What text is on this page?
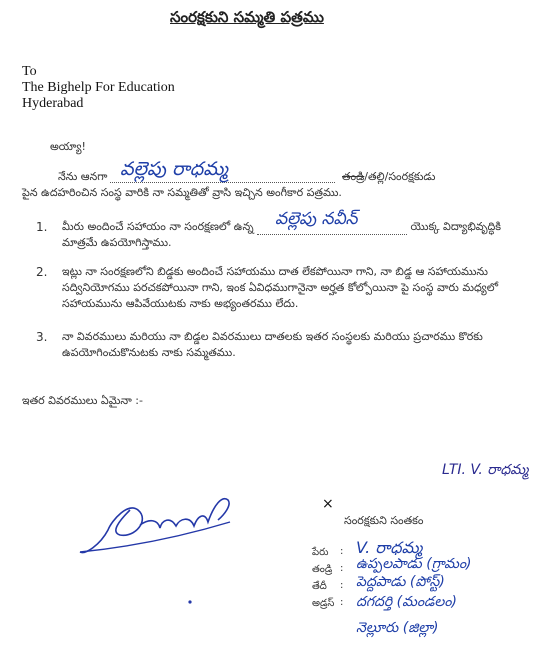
సంరక్షకుని సమ్మతి పత్రము
To
The Bighelp For Education
Hyderabad
అయ్యా!
నేను ఆనగా వల్లెపు రాధమ్మ	తండ్రి/తల్లి/సంరక్షకుడు
పైన ఉదహరించిన సంస్థ వారికి నా సమ్మతితో వ్రాసి ఇచ్చిన అంగీకార పత్రము.
1. మీరు అందించే సహాయం నా సంరక్షణలో ఉన్న వల్లెపు నవీన్	యొక్క విద్యాభివృద్ధికి
మాత్రమే ఉపయోగిస్తాము.
2. ఇట్లు నా సంరక్షణలోని బిడ్డకు అందించే సహాయము దాత లేకపోయినా గాని, నా బిడ్డ ఆ సహాయమును
సద్వినియోగము పరచకపోయినా గాని, ఇంక ఏవిధముగానైనా అర్హత కోల్పోయినా పై సంస్థ వారు మధ్యలో
సహాయమును ఆపివేయుటకు నాకు అభ్యంతరము లేదు.
3. నా వివరములు మరియు నా బిడ్డల వివరములు దాతలకు ఇతర సంస్థలకు మరియు ప్రచారము కొరకు
ఉపయోగించుకొనుటకు నాకు సమ్మతము.
ఇతర వివరములు ఏమైనా :-
LTI. V. రాధమ్మ
×
సంరక్షకుని సంతకం
పేరు : V. రాధమ్మ
తండ్రి : ఉప్పలపాడు (గ్రామం)
తేదీ : పెద్దపాడు (పోస్ట్)
అడ్రస్ : దగదర్తి (మండలం)
నెల్లూరు (జిల్లా)
